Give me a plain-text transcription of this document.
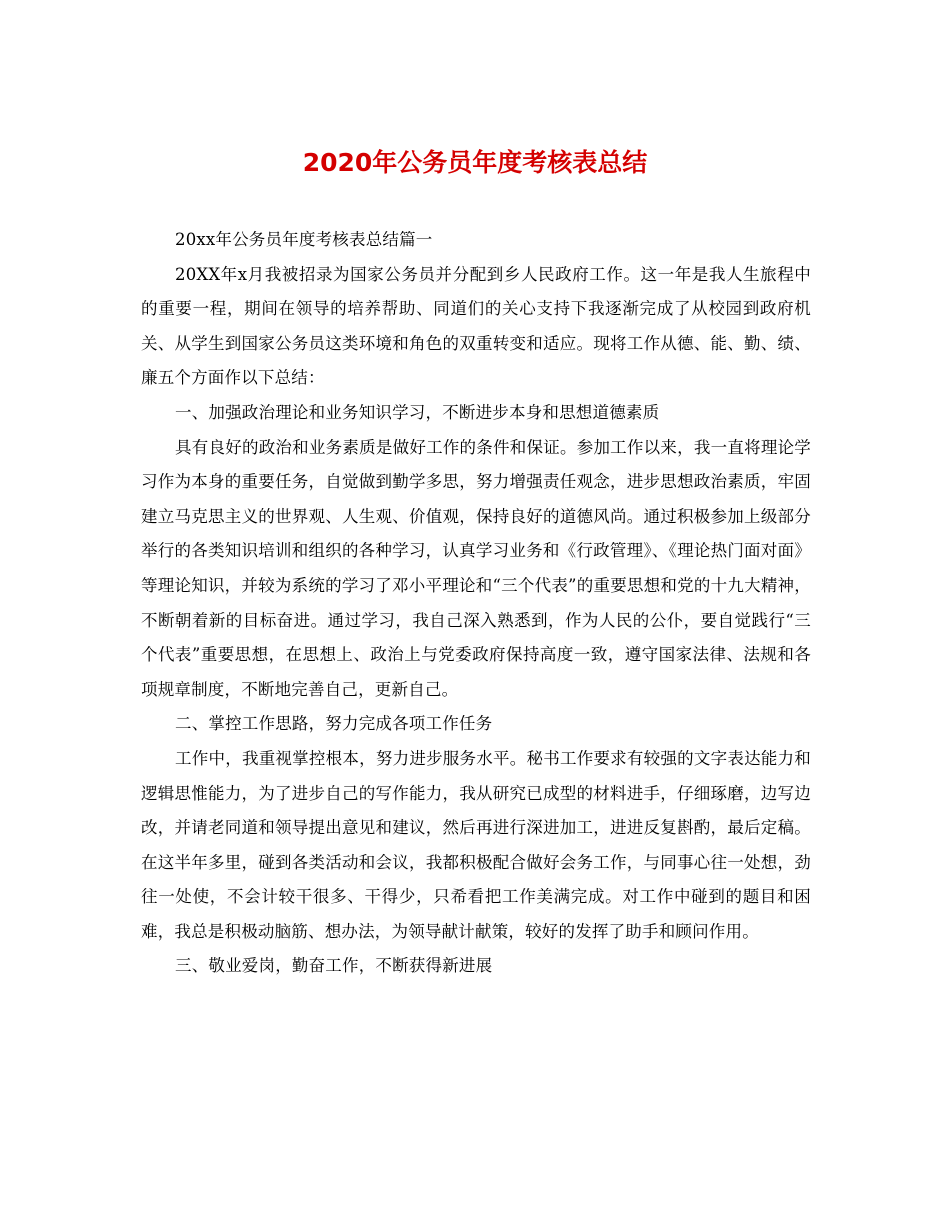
2020年公务员年度考核表总结

20xx年公务员年度考核表总结篇一

20XX年x月我被招录为国家公务员并分配到乡人民政府工作。这一年是我人生旅程中的重要一程，期间在领导的培养帮助、同道们的关心支持下我逐渐完成了从校园到政府机关、从学生到国家公务员这类环境和角色的双重转变和适应。现将工作从德、能、勤、绩、廉五个方面作以下总结：

一、加强政治理论和业务知识学习，不断进步本身和思想道德素质

具有良好的政治和业务素质是做好工作的条件和保证。参加工作以来，我一直将理论学习作为本身的重要任务，自觉做到勤学多思，努力增强责任观念，进步思想政治素质，牢固建立马克思主义的世界观、人生观、价值观，保持良好的道德风尚。通过积极参加上级部分举行的各类知识培训和组织的各种学习，认真学习业务和《行政管理》、《理论热门面对面》等理论知识，并较为系统的学习了邓小平理论和“三个代表”的重要思想和党的十九大精神，不断朝着新的目标奋进。通过学习，我自己深入熟悉到，作为人民的公仆，要自觉践行“三个代表”重要思想，在思想上、政治上与党委政府保持高度一致，遵守国家法律、法规和各项规章制度，不断地完善自己，更新自己。

二、掌控工作思路，努力完成各项工作任务

工作中，我重视掌控根本，努力进步服务水平。秘书工作要求有较强的文字表达能力和逻辑思惟能力，为了进步自己的写作能力，我从研究已成型的材料进手，仔细琢磨，边写边改，并请老同道和领导提出意见和建议，然后再进行深进加工，进进反复斟酌，最后定稿。在这半年多里，碰到各类活动和会议，我都积极配合做好会务工作，与同事心往一处想，劲往一处使，不会计较干很多、干得少，只希看把工作美满完成。对工作中碰到的题目和困难，我总是积极动脑筋、想办法，为领导献计献策，较好的发挥了助手和顾问作用。

三、敬业爱岗，勤奋工作，不断获得新进展
